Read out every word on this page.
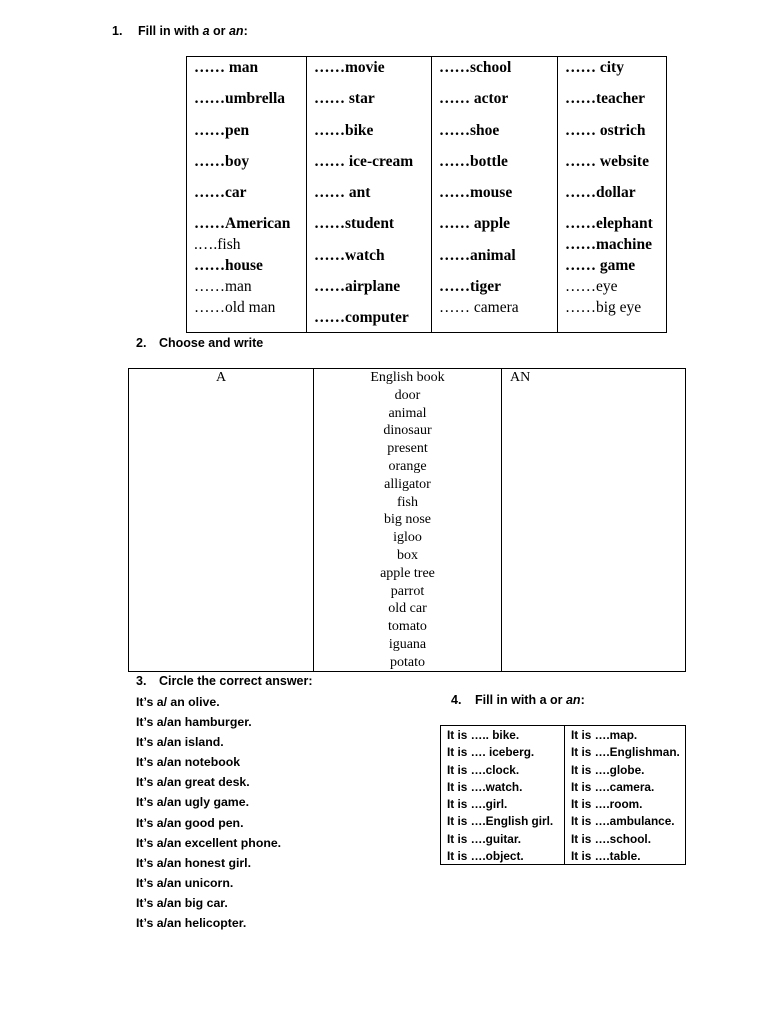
1. Fill in with a or an:
…… man
……umbrella
……pen
……boy
……car
……American
.….fish
……house
……man
……old man
……movie
…… star
……bike
…… ice-cream
…… ant
……student
……watch
……airplane
……computer
……school
…… actor
……shoe
……bottle
……mouse
…… apple
……animal
……tiger
…… camera
…… city
……teacher
…… ostrich
…… website
……dollar
……elephant
……machine
…… game
……eye
……big eye
2. Choose and write
A	English book
door
animal
dinosaur
present
orange
alligator
fish
big nose
igloo
box
apple tree
parrot
old car
tomato
iguana
potato
AN
3. Circle the correct answer:
It’s a/ an olive.
It’s a/an hamburger.
It’s a/an island.
It’s a/an notebook
It’s a/an great desk.
It’s a/an ugly game.
It’s a/an good pen.
It’s a/an excellent phone.
It’s a/an honest girl.
It’s a/an unicorn.
It’s a/an big car.
It’s a/an helicopter.
4. Fill in with a or an:
It is ….. bike.
It is …. iceberg.
It is ….clock.
It is ….watch.
It is ….girl.
It is ….English girl.
It is ….guitar.
It is ….object.
It is ….map.
It is ….Englishman.
It is ….globe.
It is ….camera.
It is ….room.
It is ….ambulance.
It is ….school.
It is ….table.
